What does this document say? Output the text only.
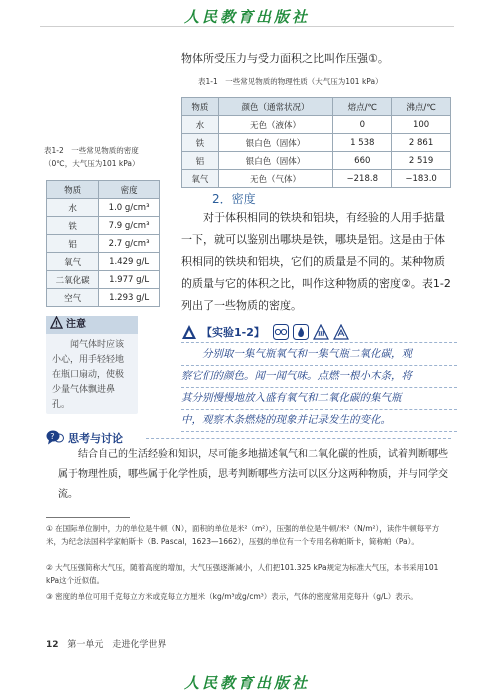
人民教育出版社
物体所受压力与受力面积之比叫作压强①。
表1-1　一些常见物质的物理性质（大气压为101 kPa）
物质	颜色（通常状况）	熔点/℃	沸点/℃
水	无色（液体）	0	100
铁	银白色（固体）	1 538	2 861
铝	银白色（固体）	660	2 519
氧气	无色（气体）	−218.8	−183.0
表1-2　一些常见物质的密度
（0℃，大气压为101 kPa）
物质	密度
水	1.0 g/cm³
铁	7.9 g/cm³
铝	2.7 g/cm³
氧气	1.429 g/L
二氧化碳	1.977 g/L
空气	1.293 g/L
注意
闻气体时应该小心，用手轻轻地在瓶口扇动，使极少量气体飘进鼻孔。
2．密度
对于体积相同的铁块和铝块，有经验的人用手掂量一下，就可以鉴别出哪块是铁，哪块是铝。这是由于体积相同的铁块和铝块，它们的质量是不同的。某种物质的质量与它的体积之比，叫作这种物质的密度②。表1-2列出了一些物质的密度。
【实验1-2】
分别取一集气瓶氧气和一集气瓶二氧化碳，观
察它们的颜色。闻一闻气味。点燃一根小木条，将
其分别慢慢地放入盛有氧气和二氧化碳的集气瓶
中，观察木条燃烧的现象并记录发生的变化。
? 思考与讨论
结合自己的生活经验和知识，尽可能多地描述氧气和二氧化碳的性质，试着判断哪些属于物理性质，哪些属于化学性质，思考判断哪些方法可以区分这两种物质，并与同学交流。
① 在国际单位制中，力的单位是牛顿（N），面积的单位是米²（m²），压强的单位是牛顿/米²（N/m²），读作牛顿每平方米，为纪念法国科学家帕斯卡（B. Pascal，1623—1662），压强的单位有一个专用名称帕斯卡，简称帕（Pa）。
② 大气压强简称大气压，随着高度的增加，大气压强逐渐减小，人们把101.325 kPa规定为标准大气压，本书采用101 kPa这个近似值。
③ 密度的单位可用千克每立方米或克每立方厘米（kg/m³或g/cm³）表示，气体的密度常用克每升（g/L）表示。
12 第一单元　走进化学世界
人民教育出版社
